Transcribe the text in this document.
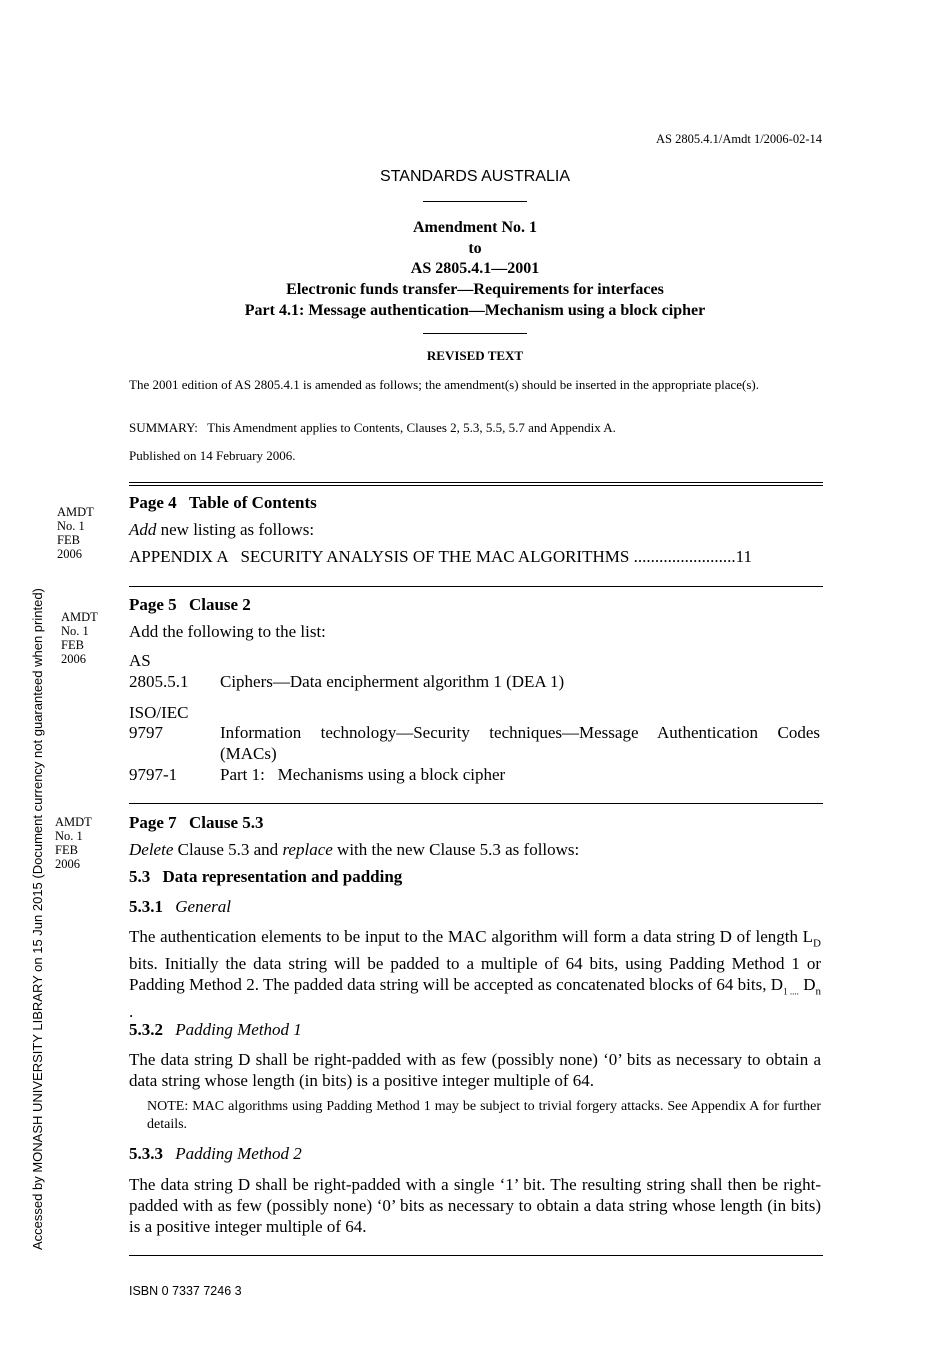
AS 2805.4.1/Amdt 1/2006-02-14
STANDARDS AUSTRALIA
Amendment No. 1
to
AS 2805.4.1—2001
Electronic funds transfer—Requirements for interfaces
Part 4.1: Message authentication—Mechanism using a block cipher
REVISED TEXT
The 2001 edition of AS 2805.4.1 is amended as follows; the amendment(s) should be inserted in the appropriate place(s).
SUMMARY: This Amendment applies to Contents, Clauses 2, 5.3, 5.5, 5.7 and Appendix A.
Published on 14 February 2006.
AMDT
No. 1
FEB
2006
Page 4 Table of Contents
Add new listing as follows:
APPENDIX A   SECURITY ANALYSIS OF THE MAC ALGORITHMS ........................11
AMDT
No. 1
FEB
2006
Page 5 Clause 2
Add the following to the list:
AS
2805.5.1 Ciphers—Data encipherment algorithm 1 (DEA 1)
ISO/IEC
9797	Information technology—Security techniques—Message Authentication Codes (MACs)
9797-1	Part 1:   Mechanisms using a block cipher
AMDT
No. 1
FEB
2006
Page 7 Clause 5.3
Delete Clause 5.3 and replace with the new Clause 5.3 as follows:
5.3 Data representation and padding
5.3.1 General
The authentication elements to be input to the MAC algorithm will form a data string D of length $L_D$ bits. Initially the data string will be padded to a multiple of 64 bits, using Padding Method 1 or Padding Method 2. The padded data string will be accepted as concatenated blocks of 64 bits, $D_{1 ....}$ $D_n$ .
5.3.2 Padding Method 1
The data string D shall be right-padded with as few (possibly none) ‘0’ bits as necessary to obtain a data string whose length (in bits) is a positive integer multiple of 64.
NOTE: MAC algorithms using Padding Method 1 may be subject to trivial forgery attacks. See Appendix A for further details.
5.3.3 Padding Method 2
The data string D shall be right-padded with a single ‘1’ bit. The resulting string shall then be right-padded with as few (possibly none) ‘0’ bits as necessary to obtain a data string whose length (in bits) is a positive integer multiple of 64.
ISBN 0 7337 7246 3
Accessed by MONASH UNIVERSITY LIBRARY on 15 Jun 2015 (Document currency not guaranteed when printed)
